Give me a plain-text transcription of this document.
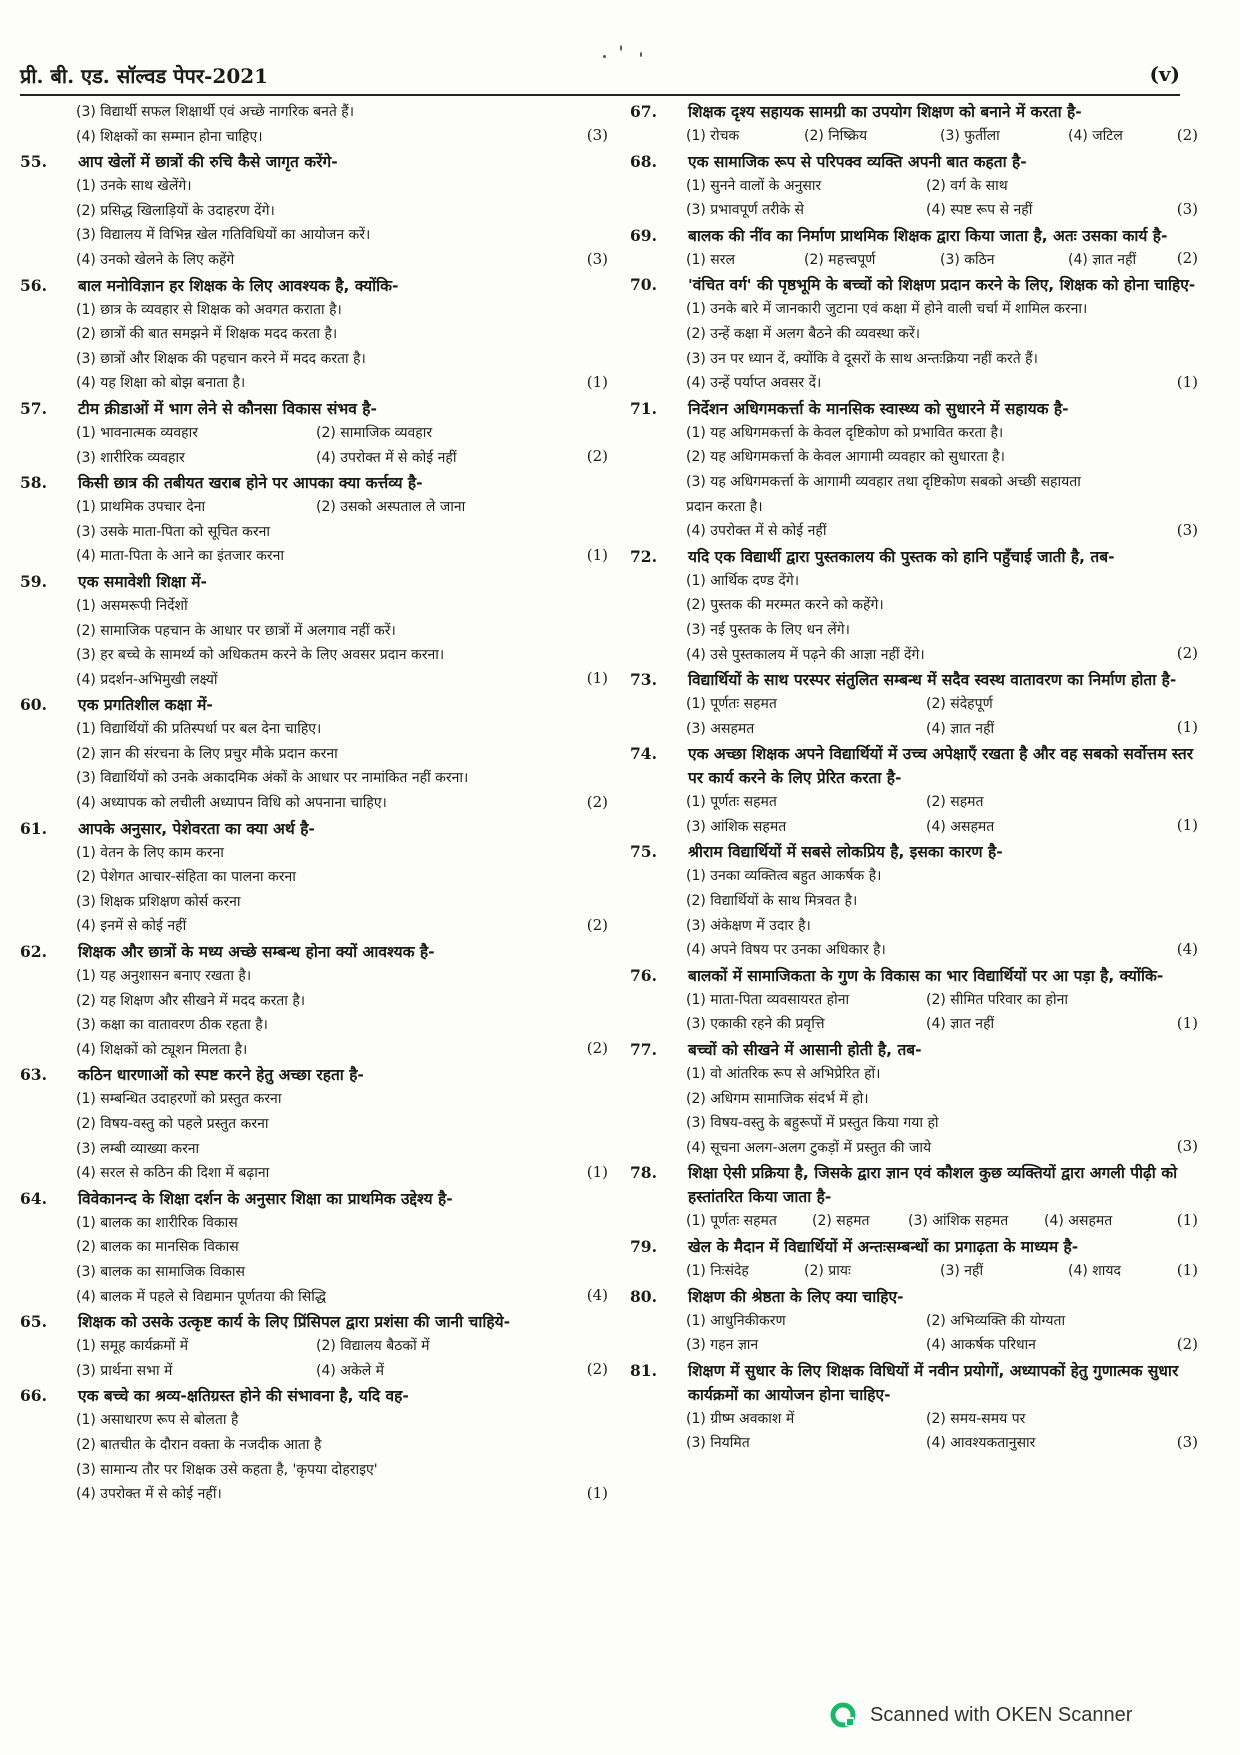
प्री. बी. एड. सॉल्वड पेपर-2021	(v)
(3) विद्यार्थी सफल शिक्षार्थी एवं अच्छे नागरिक बनते हैं।
(4) शिक्षकों का सम्मान होना चाहिए।	(3)
55.	आप खेलों में छात्रों की रुचि कैसे जागृत करेंगे-
(1) उनके साथ खेलेंगे।
(2) प्रसिद्ध खिलाड़ियों के उदाहरण देंगे।
(3) विद्यालय में विभिन्न खेल गतिविधियों का आयोजन करें।
(4) उनको खेलने के लिए कहेंगे	(3)
56.	बाल मनोविज्ञान हर शिक्षक के लिए आवश्यक है, क्योंकि-
(1) छात्र के व्यवहार से शिक्षक को अवगत कराता है।
(2) छात्रों की बात समझने में शिक्षक मदद करता है।
(3) छात्रों और शिक्षक की पहचान करने में मदद करता है।
(4) यह शिक्षा को बोझ बनाता है।	(1)
57.	टीम क्रीडाओं में भाग लेने से कौनसा विकास संभव है-
(1) भावनात्मक व्यवहार	(2) सामाजिक व्यवहार
(3) शारीरिक व्यवहार	(4) उपरोक्त में से कोई नहीं	(2)
58.	किसी छात्र की तबीयत खराब होने पर आपका क्या कर्त्तव्य है-
(1) प्राथमिक उपचार देना	(2) उसको अस्पताल ले जाना
(3) उसके माता-पिता को सूचित करना
(4) माता-पिता के आने का इंतजार करना	(1)
59.	एक समावेशी शिक्षा में-
(1) असमरूपी निर्देशों
(2) सामाजिक पहचान के आधार पर छात्रों में अलगाव नहीं करें।
(3) हर बच्चे के सामर्थ्य को अधिकतम करने के लिए अवसर प्रदान करना।
(4) प्रदर्शन-अभिमुखी लक्ष्यों	(1)
60.	एक प्रगतिशील कक्षा में-
(1) विद्यार्थियों की प्रतिस्पर्धा पर बल देना चाहिए।
(2) ज्ञान की संरचना के लिए प्रचुर मौके प्रदान करना
(3) विद्यार्थियों को उनके अकादमिक अंकों के आधार पर नामांकित नहीं करना।
(4) अध्यापक को लचीली अध्यापन विधि को अपनाना चाहिए।	(2)
61.	आपके अनुसार, पेशेवरता का क्या अर्थ है-
(1) वेतन के लिए काम करना
(2) पेशेगत आचार-संहिता का पालना करना
(3) शिक्षक प्रशिक्षण कोर्स करना
(4) इनमें से कोई नहीं	(2)
62.	शिक्षक और छात्रों के मध्य अच्छे सम्बन्ध होना क्यों आवश्यक है-
(1) यह अनुशासन बनाए रखता है।
(2) यह शिक्षण और सीखने में मदद करता है।
(3) कक्षा का वातावरण ठीक रहता है।
(4) शिक्षकों को ट्यूशन मिलता है।	(2)
63.	कठिन धारणाओं को स्पष्ट करने हेतु अच्छा रहता है-
(1) सम्बन्धित उदाहरणों को प्रस्तुत करना
(2) विषय-वस्तु को पहले प्रस्तुत करना
(3) लम्बी व्याख्या करना
(4) सरल से कठिन की दिशा में बढ़ाना	(1)
64.	विवेकानन्द के शिक्षा दर्शन के अनुसार शिक्षा का प्राथमिक उद्देश्य है-
(1) बालक का शारीरिक विकास
(2) बालक का मानसिक विकास
(3) बालक का सामाजिक विकास
(4) बालक में पहले से विद्यमान पूर्णतया की सिद्धि	(4)
65.	शिक्षक को उसके उत्कृष्ट कार्य के लिए प्रिंसिपल द्वारा प्रशंसा की जानी चाहिये-
(1) समूह कार्यक्रमों में	(2) विद्यालय बैठकों में
(3) प्रार्थना सभा में	(4) अकेले में	(2)
66.	एक बच्चे का श्रव्य-क्षतिग्रस्त होने की संभावना है, यदि वह-
(1) असाधारण रूप से बोलता है
(2) बातचीत के दौरान वक्ता के नजदीक आता है
(3) सामान्य तौर पर शिक्षक उसे कहता है, 'कृपया दोहराइए'
(4) उपरोक्त में से कोई नहीं।	(1)
67.	शिक्षक दृश्य सहायक सामग्री का उपयोग शिक्षण को बनाने में करता है-
(1) रोचक	(2) निष्क्रिय	(3) फुर्तीला	(4) जटिल	(2)
68.	एक सामाजिक रूप से परिपक्व व्यक्ति अपनी बात कहता है-
(1) सुनने वालों के अनुसार	(2) वर्ग के साथ
(3) प्रभावपूर्ण तरीके से	(4) स्पष्ट रूप से नहीं	(3)
69.	बालक की नींव का निर्माण प्राथमिक शिक्षक द्वारा किया जाता है, अतः उसका कार्य है-
(1) सरल	(2) महत्त्वपूर्ण	(3) कठिन	(4) ज्ञात नहीं	(2)
70.	'वंचित वर्ग' की पृष्ठभूमि के बच्चों को शिक्षण प्रदान करने के लिए, शिक्षक को होना चाहिए-
(1) उनके बारे में जानकारी जुटाना एवं कक्षा में होने वाली चर्चा में शामिल करना।
(2) उन्हें कक्षा में अलग बैठने की व्यवस्था करें।
(3) उन पर ध्यान दें, क्योंकि वे दूसरों के साथ अन्तःक्रिया नहीं करते हैं।
(4) उन्हें पर्याप्त अवसर दें।	(1)
71.	निर्देशन अधिगमकर्त्ता के मानसिक स्वास्थ्य को सुधारने में सहायक है-
(1) यह अधिगमकर्त्ता के केवल दृष्टिकोण को प्रभावित करता है।
(2) यह अधिगमकर्त्ता के केवल आगामी व्यवहार को सुधारता है।
(3) यह अधिगमकर्त्ता के आगामी व्यवहार तथा दृष्टिकोण सबको अच्छी सहायता
प्रदान करता है।
(4) उपरोक्त में से कोई नहीं	(3)
72.	यदि एक विद्यार्थी द्वारा पुस्तकालय की पुस्तक को हानि पहुँचाई जाती है, तब-
(1) आर्थिक दण्ड देंगे।
(2) पुस्तक की मरम्मत करने को कहेंगे।
(3) नई पुस्तक के लिए धन लेंगे।
(4) उसे पुस्तकालय में पढ़ने की आज्ञा नहीं देंगे।	(2)
73.	विद्यार्थियों के साथ परस्पर संतुलित सम्बन्ध में सदैव स्वस्थ वातावरण का निर्माण होता है-
(1) पूर्णतः सहमत	(2) संदेहपूर्ण
(3) असहमत	(4) ज्ञात नहीं	(1)
74.	एक अच्छा शिक्षक अपने विद्यार्थियों में उच्च अपेक्षाएँ रखता है और वह सबको सर्वोत्तम स्तर पर कार्य करने के लिए प्रेरित करता है-
(1) पूर्णतः सहमत	(2) सहमत
(3) आंशिक सहमत	(4) असहमत	(1)
75.	श्रीराम विद्यार्थियों में सबसे लोकप्रिय है, इसका कारण है-
(1) उनका व्यक्तित्व बहुत आकर्षक है।
(2) विद्यार्थियों के साथ मित्रवत है।
(3) अंकेक्षण में उदार है।
(4) अपने विषय पर उनका अधिकार है।	(4)
76.	बालकों में सामाजिकता के गुण के विकास का भार विद्यार्थियों पर आ पड़ा है, क्योंकि-
(1) माता-पिता व्यवसायरत होना	(2) सीमित परिवार का होना
(3) एकाकी रहने की प्रवृत्ति	(4) ज्ञात नहीं	(1)
77.	बच्चों को सीखने में आसानी होती है, तब-
(1) वो आंतरिक रूप से अभिप्रेरित हों।
(2) अधिगम सामाजिक संदर्भ में हो।
(3) विषय-वस्तु के बहुरूपों में प्रस्तुत किया गया हो
(4) सूचना अलग-अलग टुकड़ों में प्रस्तुत की जाये	(3)
78.	शिक्षा ऐसी प्रक्रिया है, जिसके द्वारा ज्ञान एवं कौशल कुछ व्यक्तियों द्वारा अगली पीढ़ी को हस्तांतरित किया जाता है-
(1) पूर्णतः सहमत	(2) सहमत	(3) आंशिक सहमत	(4) असहमत	(1)
79.	खेल के मैदान में विद्यार्थियों में अन्तःसम्बन्धों का प्रगाढ़ता के माध्यम है-
(1) निःसंदेह	(2) प्रायः	(3) नहीं	(4) शायद	(1)
80.	शिक्षण की श्रेष्ठता के लिए क्या चाहिए-
(1) आधुनिकीकरण	(2) अभिव्यक्ति की योग्यता
(3) गहन ज्ञान	(4) आकर्षक परिधान	(2)
81.	शिक्षण में सुधार के लिए शिक्षक विधियों में नवीन प्रयोगों, अध्यापकों हेतु गुणात्मक सुधार कार्यक्रमों का आयोजन होना चाहिए-
(1) ग्रीष्म अवकाश में	(2) समय-समय पर
(3) नियमित	(4) आवश्यकतानुसार	(3)
Scanned with OKEN Scanner
